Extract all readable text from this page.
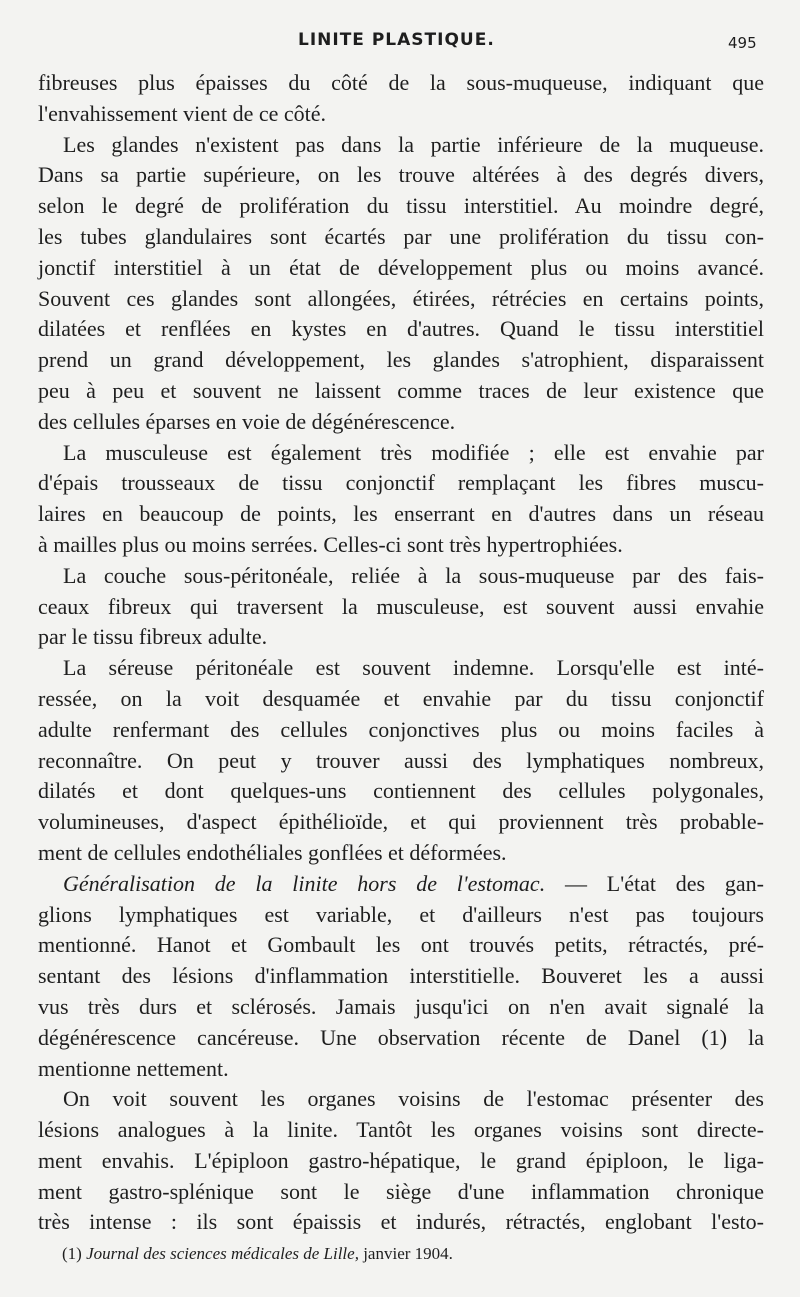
LINITE PLASTIQUE.	495
fibreuses plus épaisses du côté de la sous-muqueuse, indiquant que
l'envahissement vient de ce côté.
Les glandes n'existent pas dans la partie inférieure de la muqueuse.
Dans sa partie supérieure, on les trouve altérées à des degrés divers,
selon le degré de prolifération du tissu interstitiel. Au moindre degré,
les tubes glandulaires sont écartés par une prolifération du tissu con-
jonctif interstitiel à un état de développement plus ou moins avancé.
Souvent ces glandes sont allongées, étirées, rétrécies en certains points,
dilatées et renflées en kystes en d'autres. Quand le tissu interstitiel
prend un grand développement, les glandes s'atrophient, disparaissent
peu à peu et souvent ne laissent comme traces de leur existence que
des cellules éparses en voie de dégénérescence.
La musculeuse est également très modifiée ; elle est envahie par
d'épais trousseaux de tissu conjonctif remplaçant les fibres muscu-
laires en beaucoup de points, les enserrant en d'autres dans un réseau
à mailles plus ou moins serrées. Celles-ci sont très hypertrophiées.
La couche sous-péritonéale, reliée à la sous-muqueuse par des fais-
ceaux fibreux qui traversent la musculeuse, est souvent aussi envahie
par le tissu fibreux adulte.
La séreuse péritonéale est souvent indemne. Lorsqu'elle est inté-
ressée, on la voit desquamée et envahie par du tissu conjonctif
adulte renfermant des cellules conjonctives plus ou moins faciles à
reconnaître. On peut y trouver aussi des lymphatiques nombreux,
dilatés et dont quelques-uns contiennent des cellules polygonales,
volumineuses, d'aspect épithélioïde, et qui proviennent très probable-
ment de cellules endothéliales gonflées et déformées.
Généralisation de la linite hors de l'estomac. — L'état des gan-
glions lymphatiques est variable, et d'ailleurs n'est pas toujours
mentionné. Hanot et Gombault les ont trouvés petits, rétractés, pré-
sentant des lésions d'inflammation interstitielle. Bouveret les a aussi
vus très durs et sclérosés. Jamais jusqu'ici on n'en avait signalé la
dégénérescence cancéreuse. Une observation récente de Danel (1) la
mentionne nettement.
On voit souvent les organes voisins de l'estomac présenter des
lésions analogues à la linite. Tantôt les organes voisins sont directe-
ment envahis. L'épiploon gastro-hépatique, le grand épiploon, le liga-
ment gastro-splénique sont le siège d'une inflammation chronique
très intense : ils sont épaissis et indurés, rétractés, englobant l'esto-
(1) Journal des sciences médicales de Lille, janvier 1904.
